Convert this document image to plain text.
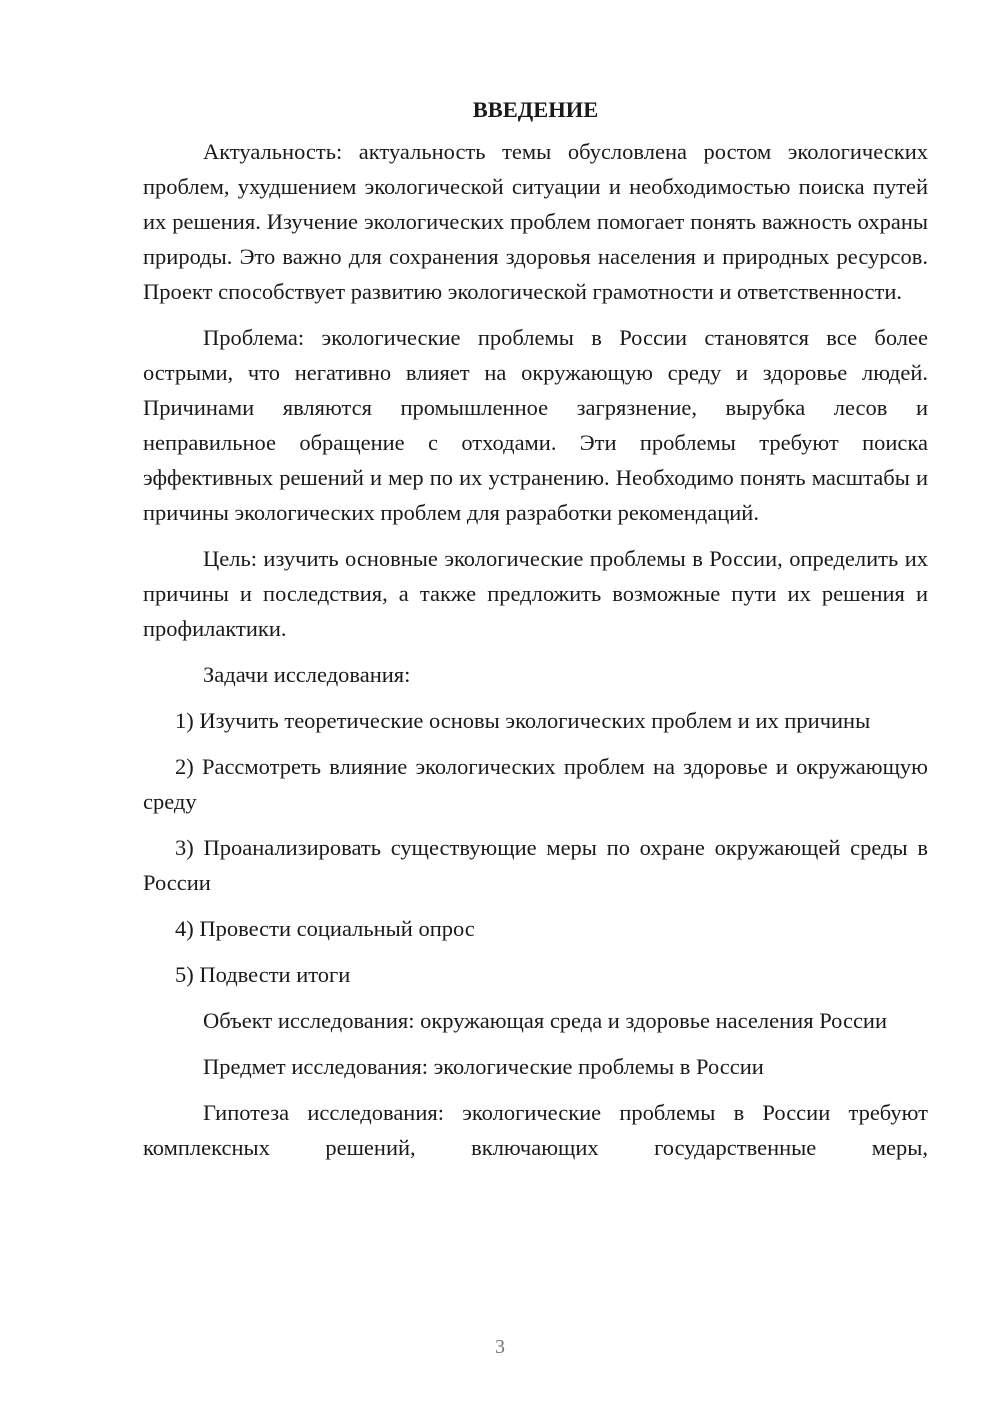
ВВЕДЕНИЕ

Актуальность: актуальность темы обусловлена ростом экологических проблем, ухудшением экологической ситуации и необходимостью поиска путей их решения. Изучение экологических проблем помогает понять важность охраны природы. Это важно для сохранения здоровья населения и природных ресурсов. Проект способствует развитию экологической грамотности и ответственности.

Проблема: экологические проблемы в России становятся все более острыми, что негативно влияет на окружающую среду и здоровье людей. Причинами являются промышленное загрязнение, вырубка лесов и неправильное обращение с отходами. Эти проблемы требуют поиска эффективных решений и мер по их устранению. Необходимо понять масштабы и причины экологических проблем для разработки рекомендаций.

Цель: изучить основные экологические проблемы в России, определить их причины и последствия, а также предложить возможные пути их решения и профилактики.

Задачи исследования:

1) Изучить теоретические основы экологических проблем и их причины

2) Рассмотреть влияние экологических проблем на здоровье и окружающую среду

3) Проанализировать существующие меры по охране окружающей среды в России

4) Провести социальный опрос

5) Подвести итоги

Объект исследования: окружающая среда и здоровье населения России

Предмет исследования: экологические проблемы в России

Гипотеза исследования: экологические проблемы в России требуют комплексных решений, включающих государственные меры,

3
